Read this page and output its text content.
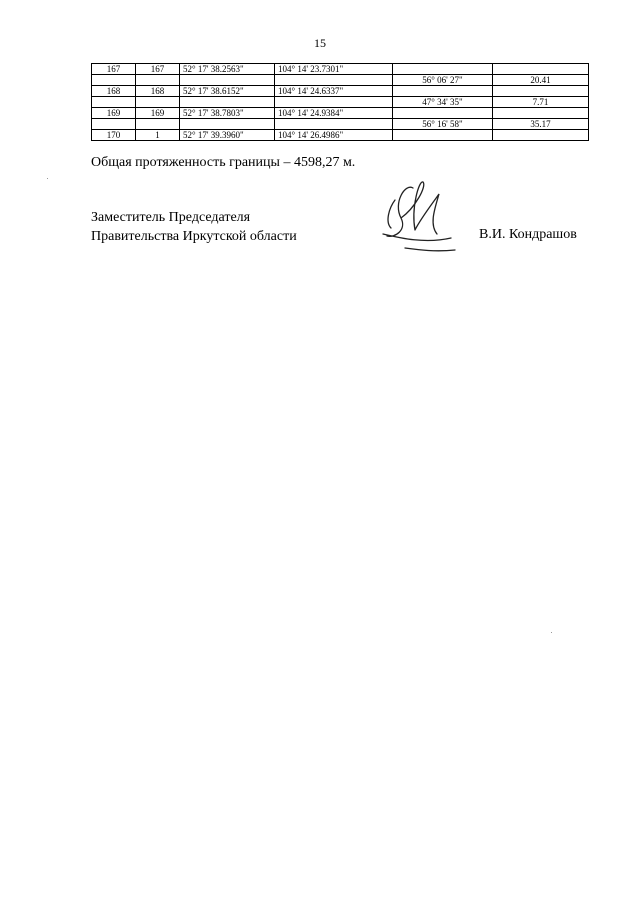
15
167	167	52° 17' 38.2563"	104° 14' 23.7301"		
				56° 06' 27"	20.41
168	168	52° 17' 38.6152"	104° 14' 24.6337"		
				47° 34' 35"	7.71
169	169	52° 17' 38.7803"	104° 14' 24.9384"		
				56° 16' 58"	35.17
170	1	52° 17' 39.3960"	104° 14' 26.4986"		
Общая протяженность границы – 4598,27 м.
Заместитель Председателя
Правительства Иркутской области	В.И. Кондрашов
